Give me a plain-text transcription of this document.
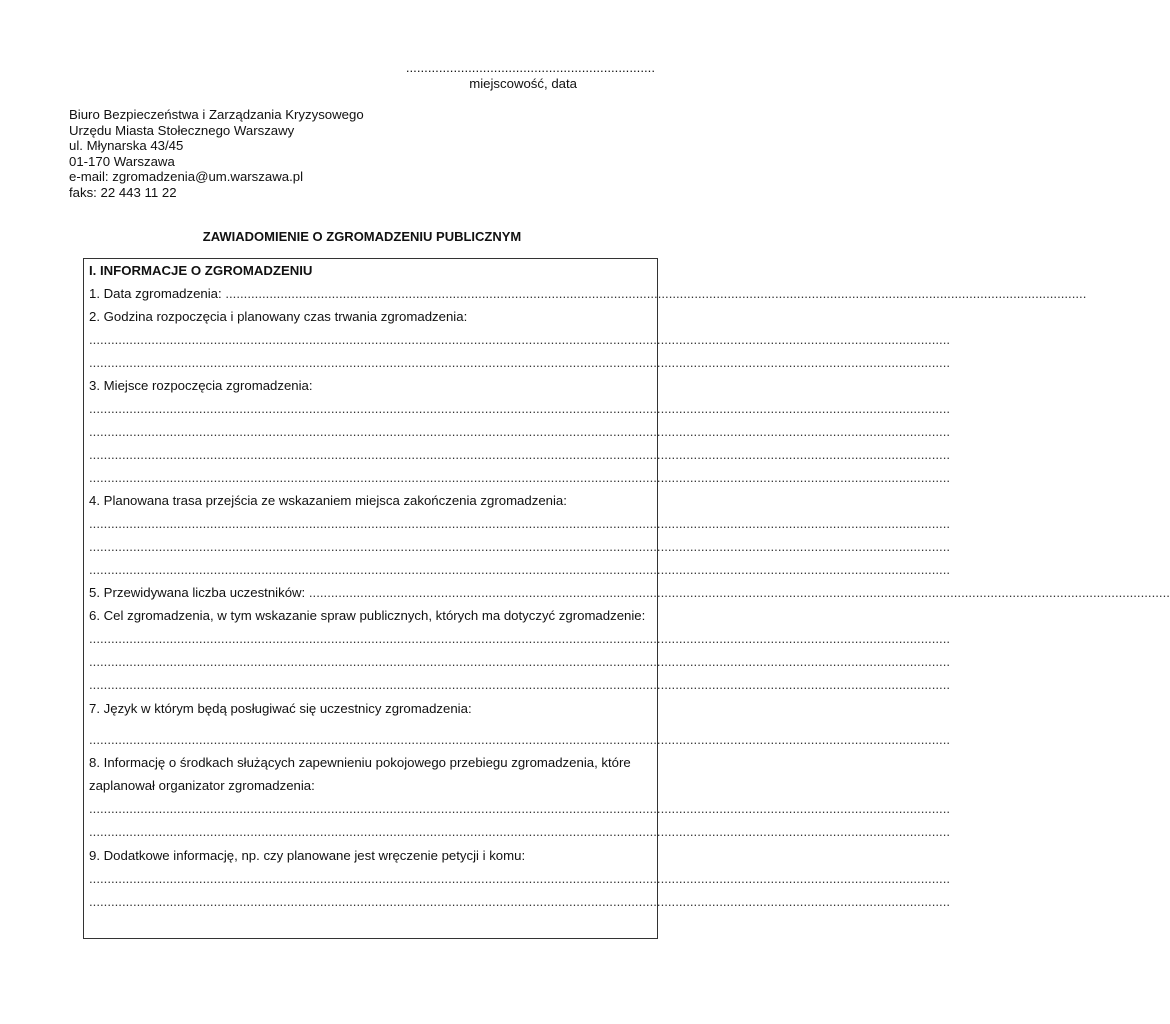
....................................................................
miejscowość, data
Biuro Bezpieczeństwa i Zarządzania Kryzysowego
Urzędu Miasta Stołecznego Warszawy
ul. Młynarska 43/45
01-170 Warszawa
e-mail: zgromadzenia@um.warszawa.pl
faks: 22 443 11 22
ZAWIADOMIENIE O ZGROMADZENIU PUBLICZNYM
I. INFORMACJE O ZGROMADZENIU
1. Data zgromadzenia: ...........................................................................................................................................................................................................................................
2. Godzina rozpoczęcia i planowany czas trwania zgromadzenia:
...........................................................................................................................................................................................................................................
...........................................................................................................................................................................................................................................
3. Miejsce rozpoczęcia zgromadzenia:
...........................................................................................................................................................................................................................................
...........................................................................................................................................................................................................................................
...........................................................................................................................................................................................................................................
...........................................................................................................................................................................................................................................
4. Planowana trasa przejścia ze wskazaniem miejsca zakończenia zgromadzenia:
...........................................................................................................................................................................................................................................
...........................................................................................................................................................................................................................................
...........................................................................................................................................................................................................................................
5. Przewidywana liczba uczestników: ...........................................................................................................................................................................................................................................
6. Cel zgromadzenia, w tym wskazanie spraw publicznych, których ma dotyczyć zgromadzenie:
...........................................................................................................................................................................................................................................
...........................................................................................................................................................................................................................................
...........................................................................................................................................................................................................................................
7. Język w którym będą posługiwać się uczestnicy zgromadzenia:
...........................................................................................................................................................................................................................................
8. Informację o środkach służących zapewnieniu pokojowego przebiegu zgromadzenia, które
zaplanował organizator zgromadzenia:
...........................................................................................................................................................................................................................................
...........................................................................................................................................................................................................................................
9. Dodatkowe informację, np. czy planowane jest wręczenie petycji i komu:
...........................................................................................................................................................................................................................................
...........................................................................................................................................................................................................................................
